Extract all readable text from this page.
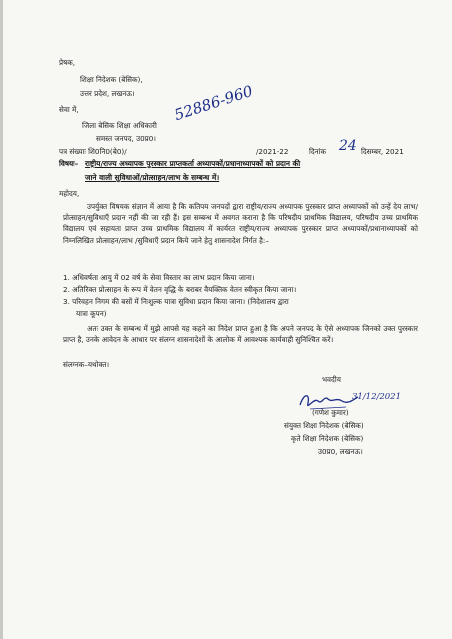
प्रेषक,
शिक्षा निदेशक (बेसिक),
उत्तर प्रदेश, लखनऊ।
सेवा में,
जिला बेसिक शिक्षा अधिकारी
समस्त जनपद, उ0प्र0।
पत्र संख्याः शि0नि0(बे0)/
52886-960
/2021-22	दिनांक 24 दिसम्बर, 2021
विषयः– राष्ट्रीय/राज्य अध्यापक पुरस्कार प्राप्तकर्ता अध्यापकों/प्रधानाध्यापकों को प्रदान की
जाने वाली सुविधाओं/प्रोत्साहन/लाभ के सम्बन्ध में।
महोदय,
उपर्युक्त विषयक संज्ञान में आया है कि कतिपय जनपदों द्वारा राष्ट्रीय/राज्य अध्यापक पुरस्कार प्राप्त अध्यापकों को उन्हें देय लाभ/प्रोत्साहन/सुविधाएँ प्रदान नहीं की जा रही हैं। इस सम्बन्ध में अवगत कराना है कि परिषदीय प्राथमिक विद्यालय, परिषदीय उच्च प्राथमिक विद्यालय एवं सहायता प्राप्त उच्च प्राथमिक विद्यालय में कार्यरत राष्ट्रीय/राज्य अध्यापक पुरस्कार प्राप्त अध्यापकों/प्रधानाध्यापकों को निम्नलिखित प्रोत्साहन/लाभ /सुविधाएँ प्रदान किये जाने हेतु शासनादेश निर्गत है:–
1. अधिवर्षता आयु में 02 वर्ष के सेवा विस्तार का लाभ प्रदान किया जाना।
2. अतिरिक्त प्रोत्साहन के रूप में वेतन वृद्धि के बराबर वैयक्तिक वेतन स्वीकृत किया जाना।
3. परिवहन निगम की बसों में निःशुल्क यात्रा सुविधा प्रदान किया जाना। (निदेशालय द्वारा
यात्रा कूपन)
अतः उक्त के सम्बन्ध में मुझे आपसे यह कहने का निदेश प्राप्त हुआ है कि अपने जनपद के ऐसे अध्यापक जिनको उक्त पुरस्कार प्राप्त है, उनके आवेदन के आधार पर संलग्न शासनादेशों के आलोक में आवश्यक कार्यवाही सुनिश्चित करें।
संलग्नक–यथोक्त।
भवदीय
31/12/2021
(गणेश कुमार)
संयुक्त शिक्षा निदेशक (बेसिक)
कृते शिक्षा निदेशक (बेसिक)
उ0प्र0, लखनऊ।
